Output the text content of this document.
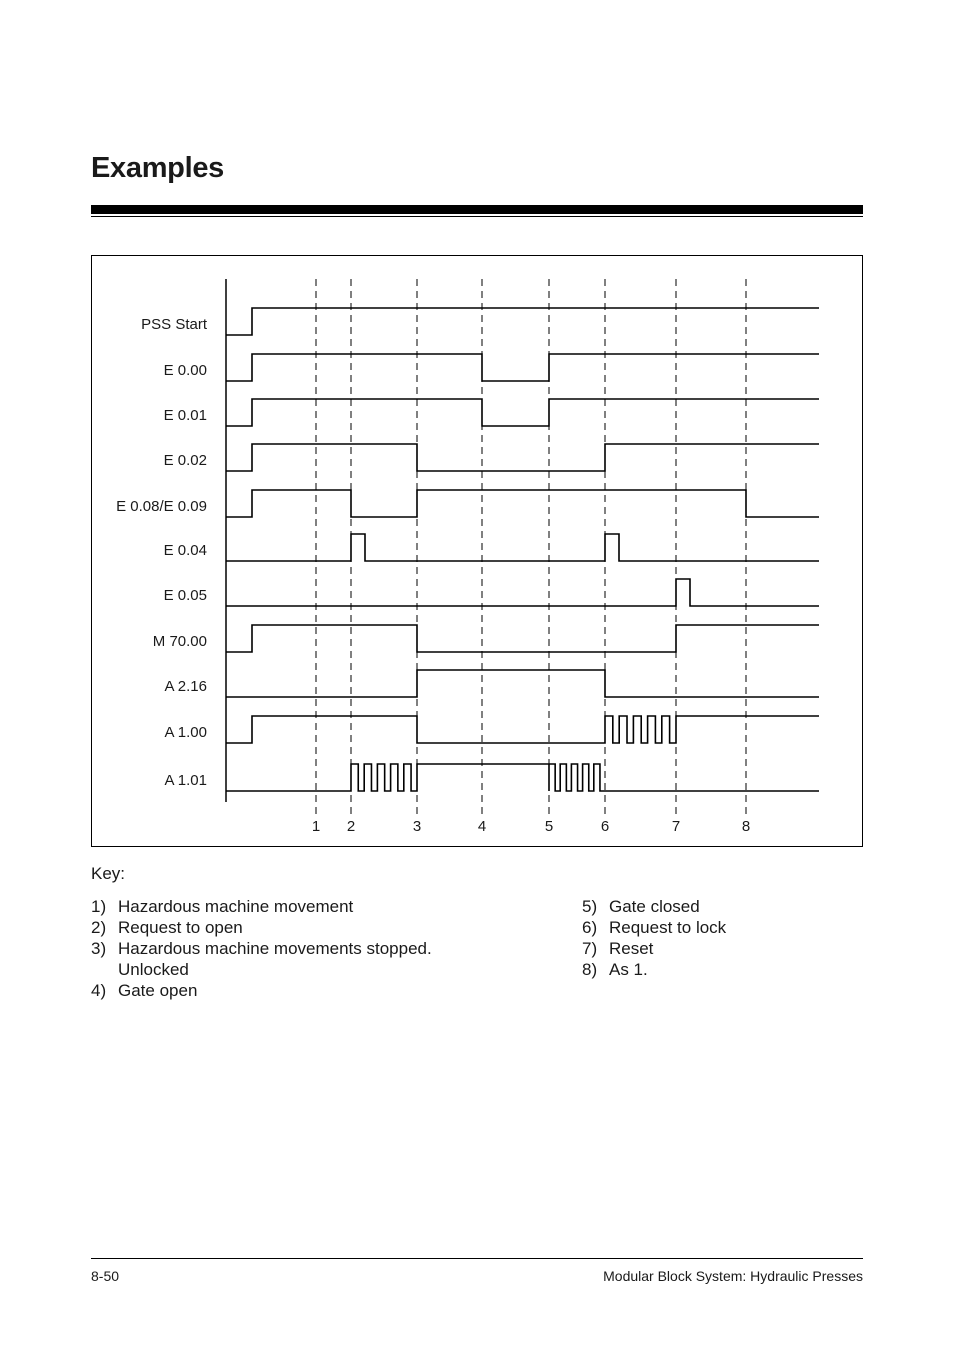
Examples
1 2	3	4	5	6	7	8
PSS Start
E 0.00
E 0.01
E 0.02
E 0.08/E 0.09
E 0.04
E 0.05
M 70.00
A 2.16
A 1.00
A 1.01
Key:
1) Hazardous machine movement
2) Request to open
3) Hazardous machine movements stopped. Unlocked
4) Gate open
5) Gate closed
6) Request to lock
7) Reset
8) As 1.
8-50	Modular Block System: Hydraulic Presses
